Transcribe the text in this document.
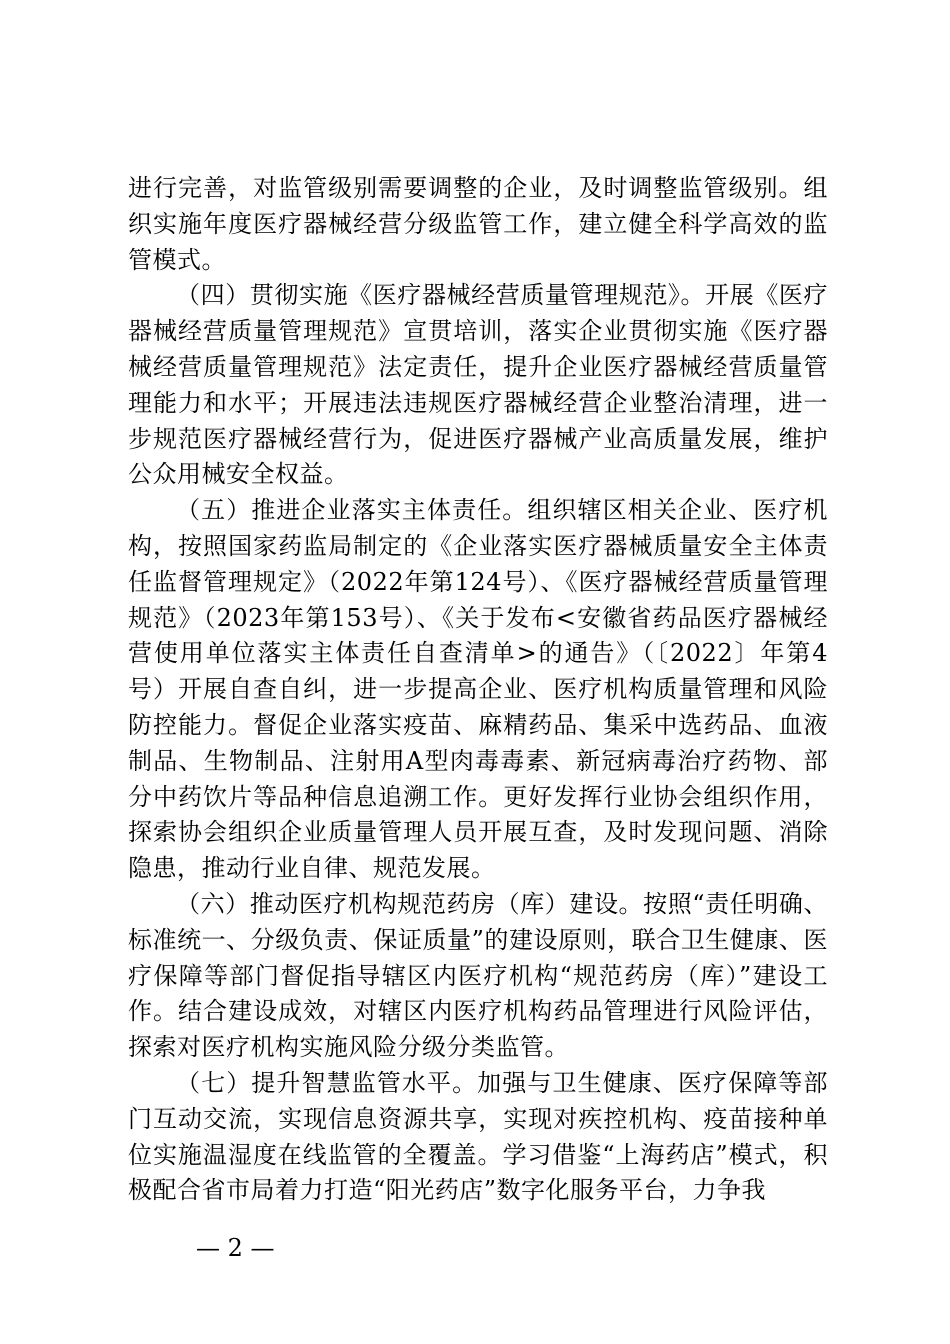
进行完善，对监管级别需要调整的企业，及时调整监管级别。组织实施年度医疗器械经营分级监管工作，建立健全科学高效的监管模式。

（四）贯彻实施《医疗器械经营质量管理规范》。开展《医疗器械经营质量管理规范》宣贯培训，落实企业贯彻实施《医疗器械经营质量管理规范》法定责任，提升企业医疗器械经营质量管理能力和水平；开展违法违规医疗器械经营企业整治清理，进一步规范医疗器械经营行为，促进医疗器械产业高质量发展，维护公众用械安全权益。

（五）推进企业落实主体责任。组织辖区相关企业、医疗机构，按照国家药监局制定的《企业落实医疗器械质量安全主体责任监督管理规定》（2022年第124号）、《医疗器械经营质量管理规范》（2023年第153号）、《关于发布<安徽省药品医疗器械经营使用单位落实主体责任自查清单>的通告》（〔2022〕年第4号）开展自查自纠，进一步提高企业、医疗机构质量管理和风险防控能力。督促企业落实疫苗、麻精药品、集采中选药品、血液制品、生物制品、注射用A型肉毒毒素、新冠病毒治疗药物、部分中药饮片等品种信息追溯工作。更好发挥行业协会组织作用，探索协会组织企业质量管理人员开展互查，及时发现问题、消除隐患，推动行业自律、规范发展。

（六）推动医疗机构规范药房（库）建设。按照“责任明确、标准统一、分级负责、保证质量”的建设原则，联合卫生健康、医疗保障等部门督促指导辖区内医疗机构“规范药房（库）”建设工作。结合建设成效，对辖区内医疗机构药品管理进行风险评估，探索对医疗机构实施风险分级分类监管。

（七）提升智慧监管水平。加强与卫生健康、医疗保障等部门互动交流，实现信息资源共享，实现对疾控机构、疫苗接种单位实施温湿度在线监管的全覆盖。学习借鉴“上海药店”模式，积极配合省市局着力打造“阳光药店”数字化服务平台，力争我

— 2 —
